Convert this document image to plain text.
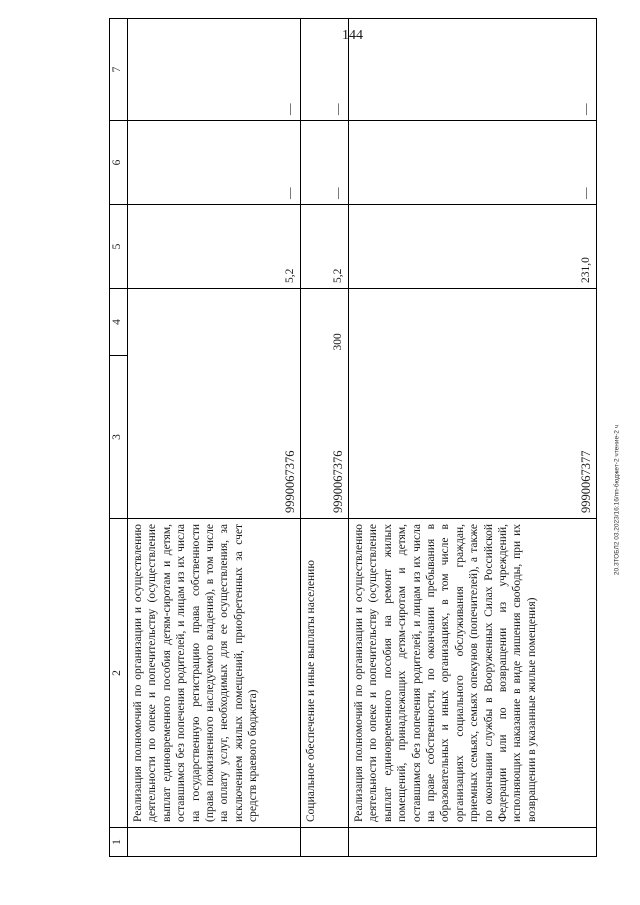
144
20.3ТОБЛ2 03.2023/16:16/пп-бюджет-2 чтение-2 ч
1	2	3	4	5	6	7
	Реализация полномочий по организации и осуществлению деятельности по опеке и попечительству (осуществление выплат единовременного пособия детям-сиротам и детям, оставшимся без попечения родителей, и лицам из их числа на государственную регистрацию права собственности (права пожизненного наследуемого владения), в том числе на оплату услуг, необходимых для ее осуществления, за исключением жилых помещений, приобретенных за счет средств краевого бюджета)	9990067376		5,2	—	—
	Социальное обеспечение и иные выплаты населению	9990067376	300	5,2	—	—
	Реализация полномочий по организации и осуществлению деятельности по опеке и попечительству (осуществление выплат единовременного пособия на ремонт жилых помещений, принадлежащих детям-сиротам и детям, оставшимся без попечения родителей, и лицам из их числа на праве собственности, по окончании пребывания в образовательных и иных организациях, в том числе в организациях социального обслуживания граждан, приемных семьях, семьях опекунов (попечителей), а также по окончании службы в Вооруженных Силах Российской Федерации или по возвращении из учреждений, исполняющих наказание в виде лишения свободы, при их возвращении в указанные жилые помещения)	9990067377		231,0	—	—
